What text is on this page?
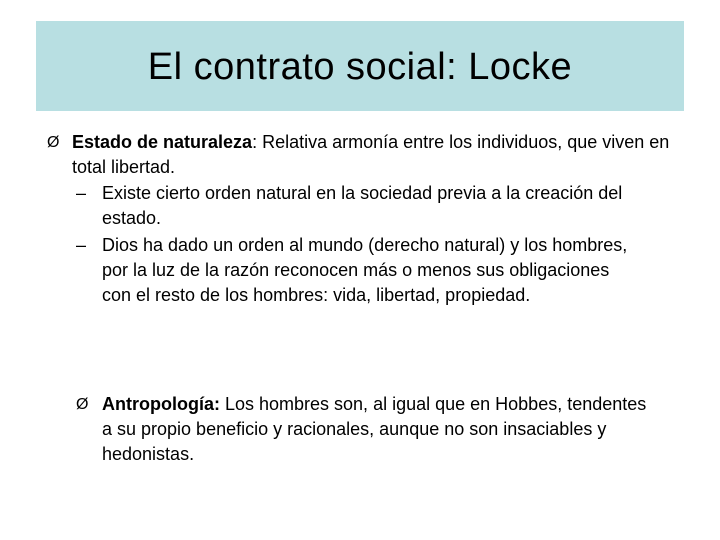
El contrato social: Locke
Ø Estado de naturaleza: Relativa armonía entre los individuos, que viven en total libertad.
– Existe cierto orden natural en la sociedad previa a la creación del estado.
– Dios ha dado un orden al mundo (derecho natural) y los hombres, por la luz de la razón reconocen más o menos sus obligaciones con el resto de los hombres: vida, libertad, propiedad.
Ø Antropología: Los hombres son, al igual que en Hobbes, tendentes a su propio beneficio y racionales, aunque no son insaciables y hedonistas.
